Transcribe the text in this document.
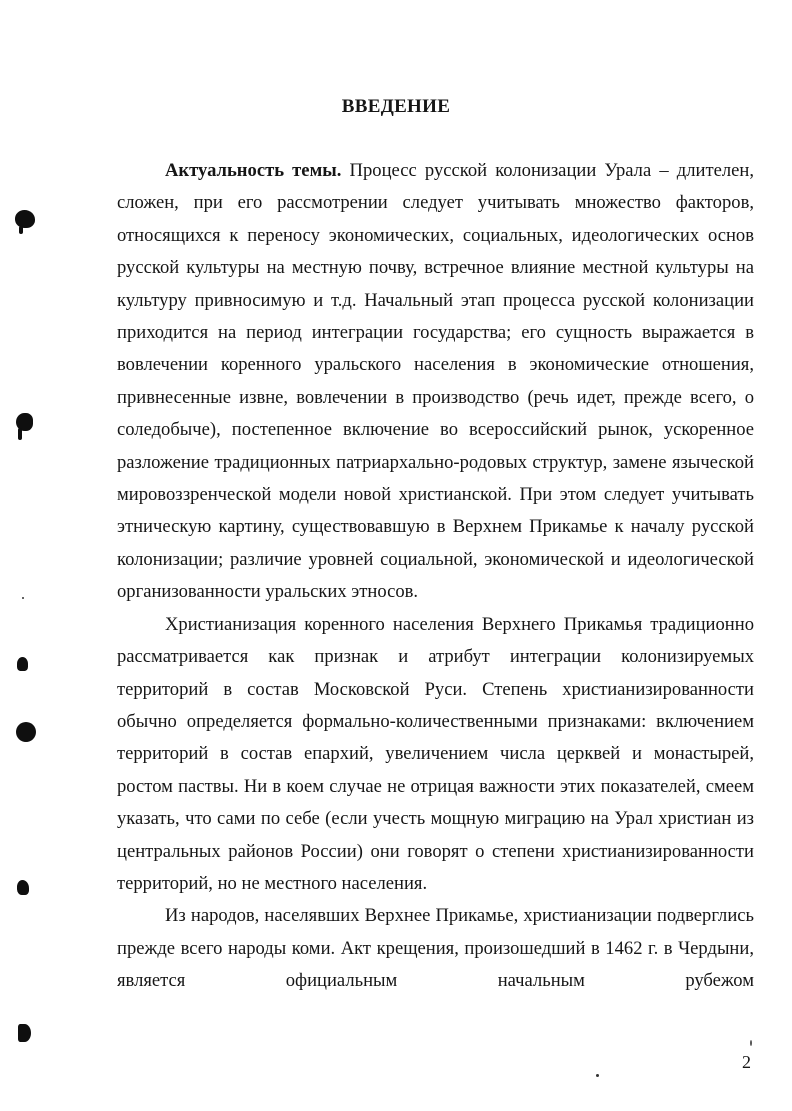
ВВЕДЕНИЕ

Актуальность темы. Процесс русской колонизации Урала – длителен, сложен, при его рассмотрении следует учитывать множество факторов, относящихся к переносу экономических, социальных, идеологических основ русской культуры на местную почву, встречное влияние местной культуры на культуру привносимую и т.д. Начальный этап процесса русской колонизации приходится на период интеграции государства; его сущность выражается в вовлечении коренного уральского населения в экономические отношения, привнесенные извне, вовлечении в производство (речь идет, прежде всего, о соледобыче), постепенное включение во всероссийский рынок, ускоренное разложение традиционных патриархально-родовых структур, замене языческой мировоззренческой модели новой христианской. При этом следует учитывать этническую картину, существовавшую в Верхнем Прикамье к началу русской колонизации; различие уровней социальной, экономической и идеологической организованности уральских этносов.

Христианизация коренного населения Верхнего Прикамья традиционно рассматривается как признак и атрибут интеграции колонизируемых территорий в состав Московской Руси. Степень христианизированности обычно определяется формально-количественными признаками: включением территорий в состав епархий, увеличением числа церквей и монастырей, ростом паствы. Ни в коем случае не отрицая важности этих показателей, смеем указать, что сами по себе (если учесть мощную миграцию на Урал христиан из центральных районов России) они говорят о степени христианизированности территорий, но не местного населения.

Из народов, населявших Верхнее Прикамье, христианизации подверглись прежде всего народы коми. Акт крещения, произошедший в 1462 г. в Чердыни, является официальным начальным рубежом

2
